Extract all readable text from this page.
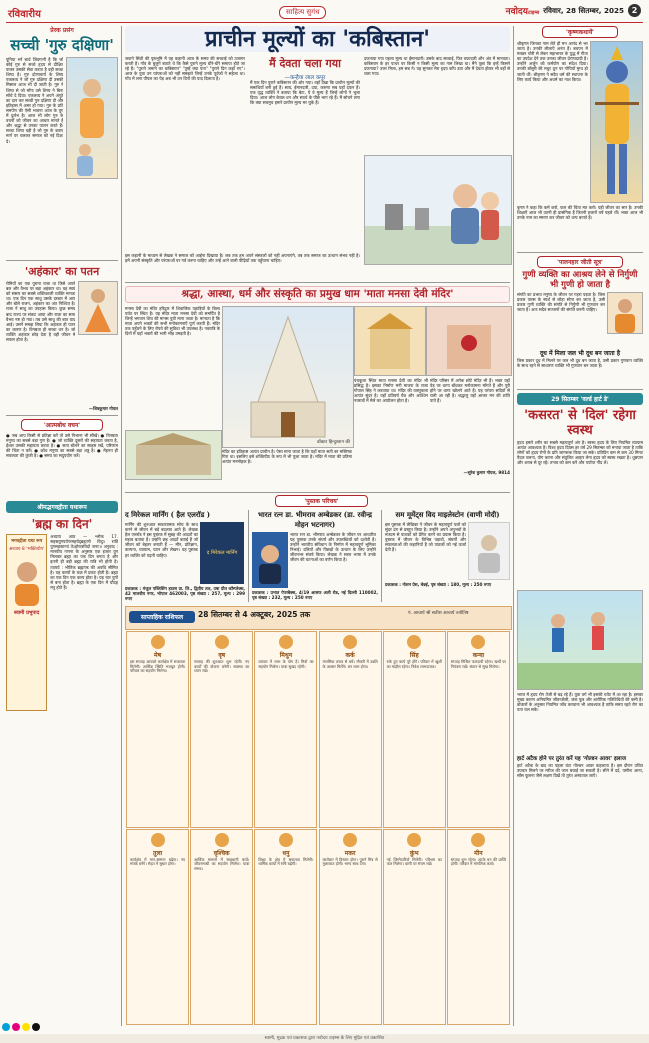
रविवारीय	साहित्य सुगंध	नवोदयटाइम्स रविवार, 28 सितम्बर, 2025 2
प्रेरक प्रसंग
सच्ची 'गुरु दक्षिणा'
यूनिया भर्र बार्ध जिंदगानी है कि जो कोई गुरु से सच्चे हृदय से दीक्षित पाकर उसकी सेवा करता है वही सच्चा शिष्य है। गुरु द्रोणाचार्य के शिष्य एकलव्य ने जो गुरु दक्षिणा दी उसकी मिसाल आज भी दी जाती है। गुरु ने शिष्य से जो माँगा उसे शिष्य ने बिना सोचे दे दिया। एकलव्य ने अपने अंगूठे का दान कर सच्ची गुरु दक्षिणा दी और इतिहास में अमर हो गया। गुरु के प्रति समर्पण की ऐसी भावना आज के युग में दुर्लभ है। आज भी लोग गुरु के वचनों को जीवन का आधार मानते हैं और श्रद्धा से उनका पालन करते हैं। सच्चा शिष्य वही है जो गुरु के बताए मार्ग पर चलकर समाज को नई दिशा दे।
'अहंकार' का पतन
रोमियों का एक पुराना राजा था जिसे अपने बल और वैभव पर बड़ा अहंकार था। वह स्वयं को संसार का सबसे शक्तिशाली व्यक्ति मानता था। एक दिन एक साधु उसके दरबार में आए और बोले राजन, अहंकार का अंत निश्चित है। राजा ने साधु का उपहास किया। कुछ समय बाद राज्य पर संकट आया और राजा का सारा वैभव नष्ट हो गया। तब उसे साधु की बात याद आई। उसने समझ लिया कि अहंकार ही पतन का कारण है। विनम्रता ही सच्चा धन है। जो व्यक्ति अहंकार छोड़ देता है वही जीवन में सफल होता है।
—शिवकुमार गोयल
'आत्मबोध वचन'
● जब आप किसी से प्रतिज्ञा करें तो उसे निभाना भी सीखें। ● विनम्रता मनुष्य का सबसे बड़ा गुण है। ● जो व्यक्ति दूसरों की सहायता करता है, ईश्वर उसकी सहायता करता है। ● सत्य बोलने का साहस रखें, परिणाम की चिंता न करें। ● क्रोध मनुष्य का सबसे बड़ा शत्रु है। ● मेहनत ही सफलता की कुंजी है। ● समय का सदुपयोग करें।
श्रीमद्भगवद्गीता यथारूप
'ब्रह्म का दिन'
भगवद्गीता यथा रूप
अध्याय 8 'भक्तियोग'
स्वामी प्रभुपाद
अध्याय आठ — श्लोक 17. सहस्रयुगपर्यन्तमहर्यद्ब्रह्मणो विदुः। रात्रिं युगसहस्रान्तां तेऽहोरात्रविदो जनाः॥ अनुवाद : मानवीय गणना के अनुसार एक हजार युग मिलकर ब्रह्मा का एक दिन बनता है और इतनी ही बड़ी ब्रह्मा की रात्रि भी होती है। तात्पर्य : भौतिक ब्रह्माण्ड की अवधि सीमित है। यह कल्पों के चक्र में प्रकट होती है। ब्रह्मा का एक दिन एक कल्प होता है। यह चार युगों से बना होता है। ब्रह्मा के एक दिन में चौदह मनु होते हैं।
प्राचीन मूल्यों का 'कबिस्तान'
जवाने सिंधी की पृष्ठभूमि में यह कहानी आज के समय की सच्चाई को उजागर करती है। गाँव के बुजुर्ग बताते थे कि कैसे पुराने मूल्य धीरे-धीरे समाप्त होते जा रहे हैं। "पुराने जमाने का कबिस्तान" "तुम्हें क्या पता" "पुराने दिन कहाँ गए"। आज के युवा उन परंपराओं को नहीं समझते जिन्हें उनके पूर्वजों ने सहेजा था। गाँव में लगा पीपल का पेड़ अब भी उन दिनों की याद दिलाता है।
मैं देवता चला गया
—कन्हैया लाल कपूर
मैं एक दिन पुराने कबिस्तान की ओर गया। वहाँ देखा कि प्राचीन मूल्यों की समाधियाँ बनी हुई हैं। सत्य, ईमानदारी, दया, करुणा सब यहाँ दफन हैं। एक वृद्ध व्यक्ति ने बताया कि बेटा, ये वे मूल्य हैं जिन्हें लोगों ने भुला दिया। आज लोग केवल धन और स्वार्थ के पीछे भाग रहे हैं। मैं सोचने लगा कि क्या सचमुच हमारे प्राचीन मूल्य मर चुके हैं।
दफनाया गया पहला मूल्य था ईमानदारी। उसके बाद सच्चाई, फिर वफादारी और अंत में मानवता। कबिस्तान के हर पत्थर पर किसी न किसी मूल्य का नाम लिखा था। मैंने पूछा कि इन्हें किसने दफनाया? उत्तर मिला, हम सब ने। यह सुनकर मेरा हृदय काँप उठा और मैं देवता होकर भी वहाँ से चला गया।
इस कहानी के माध्यम से लेखक ने समाज को आईना दिखाया है। जब तक हम अपने संस्कारों को नहीं अपनाएंगे, तब तक समाज का उत्थान संभव नहीं है। हमें अपनी संस्कृति और परंपराओं पर गर्व करना चाहिए और उन्हें आने वाली पीढ़ियों तक पहुँचाना चाहिए।
श्रद्धा, आस्था, धर्म और संस्कृति का प्रमुख धाम 'माता मनसा देवी मंदिर'
मनसा देवी का मंदिर हरिद्वार में शिवालिक पहाड़ियों के बिल्व पर्वत पर स्थित है। यह मंदिर माता मनसा देवी को समर्पित है जिन्हें भगवान शिव की मानस पुत्री माना जाता है। मान्यता है कि माता अपने भक्तों की सभी मनोकामनाएँ पूर्ण करती हैं। मंदिर तक पहुँचने के लिए रोपवे की सुविधा भी उपलब्ध है। नवरात्रि के दिनों में यहाँ भक्तों की भारी भीड़ उमड़ती है।
डॉक्टर हिन्दुस्तान की
पंचकूला स्थित माता मनसा देवी का मंदिर भी प्रसिद्ध है। इसका निर्माण मनी माजरा के राजा गोपाल सिंह ने करवाया था। मंदिर की वास्तुकला अत्यंत सुंदर है। यहाँ प्रतिवर्ष चैत्र और आश्विन नवरात्रों में मेले का आयोजन होता है।
मंदिर परिसर में अनेक छोटे मंदिर भी हैं। भक्त यहाँ पेड़ पर धागा बाँधकर मनोकामना माँगते हैं और पूरी होने पर धागा खोलने आते हैं। यह परंपरा सदियों से चली आ रही है। श्रद्धालु यहाँ आकर मन की शांति पाते हैं।
मंदिर का इतिहास अत्यंत प्राचीन है। ऐसा माना जाता है कि यहाँ माता सती का मस्तिष्क गिरा था। इसलिए इसे शक्तिपीठ के रूप में भी पूजा जाता है। मंदिर में माता की प्रतिमा अत्यंत मनमोहक है।
—सुरेश कुमार गोयल, 9814
'पुस्तक परिचय'
द मिरेकल मार्निंग ( हैल एलरॉड )
मार्निंग की शुरुआत सकारात्मक सोच के साथ करने से जीवन में बड़े बदलाव आते हैं। लेखक हैल एलरॉड ने इस पुस्तक में सुबह की आदतों का महत्व बताया है। उन्होंने छह आदतें बताई हैं जो जीवन को बेहतर बनाती हैं — मौन, प्रतिज्ञान, कल्पना, व्यायाम, पठन और लेखन। यह पुस्तक हर व्यक्ति को पढ़नी चाहिए।	द मिरेकल मार्निंग
प्रकाशक : मंजुल पब्लिशिंग हाउस प्रा. लि., द्वितीय तल, उषा प्रीत कॉम्प्लेक्स, 42 मालवीय नगर, भोपाल 462003, पृष्ठ संख्या : 257, मूल्य : 299 रुपए
भारत रत्न डा. भीमराव अम्बेडकर (डा. रवीन्द्र मोहन भटनागर)
भारत रत्न डा. भीमराव अम्बेडकर के जीवन पर आधारित यह पुस्तक उनके संघर्ष और उपलब्धियों को दर्शाती है। उन्होंने भारतीय संविधान के निर्माण में महत्वपूर्ण भूमिका निभाई। दलितों और पिछड़ों के उत्थान के लिए उन्होंने जीवनभर संघर्ष किया। लेखक ने सरल भाषा में उनके जीवन की घटनाओं का वर्णन किया है।
प्रकाशक : प्रभात पेपरबैक्स, 4/19 आसफ अली रोड, नई दिल्ली 110002, पृष्ठ संख्या : 232, मूल्य : 250 रुपए
सम मूमेंट्स विद माइलेस्टोन (वाणी मोदी)
इस पुस्तक में लेखिका ने जीवन के महत्वपूर्ण पलों को सुंदर ढंग से प्रस्तुत किया है। उन्होंने अपने अनुभवों के माध्यम से पाठकों को प्रेरित करने का प्रयास किया है। पुस्तक में जीवन के विभिन्न पड़ावों, संघर्षों और सफलताओं की कहानियाँ हैं जो पाठकों को नई ऊर्जा देती हैं।
प्रकाशक : नोशन प्रेस, चेन्नई, पृष्ठ संख्या : 180, मूल्य : 250 रुपए
साप्ताहिक राशिफल	28 सितम्बर से 4 अक्टूबर, 2025 तक	पं. आचार्य श्री सतीश आचार्य ज्योतिष
मेष
इस सप्ताह आपको कार्यक्षेत्र में सफलता मिलेगी। आर्थिक स्थिति मजबूत होगी। परिवार का सहयोग मिलेगा।
वृष
सप्ताह की शुरुआत शुभ रहेगी। नए कार्यों की योजना बनेगी। स्वास्थ्य का ध्यान रखें।
मिथुन
व्यापार में लाभ के योग हैं। मित्रों का सहयोग मिलेगा। यात्रा सुखद रहेगी।
कर्क
मानसिक तनाव से बचें। नौकरी में उन्नति के अवसर मिलेंगे। धन लाभ होगा।
सिंह
रुके हुए कार्य पूरे होंगे। परिवार में खुशी का माहौल रहेगा। निवेश लाभदायक।
कन्या
सप्ताह मिश्रित फलदायी रहेगा। खर्चों पर नियंत्रण रखें। संतान से सुख मिलेगा।
तुला
कार्यक्षेत्र में मान-सम्मान बढ़ेगा। नए संपर्क बनेंगे। सेहत में सुधार होगा।
वृश्चिक
आर्थिक मामलों में सावधानी बरतें। जीवनसाथी का सहयोग मिलेगा। यात्रा संभव।
धनु
शिक्षा के क्षेत्र में सफलता मिलेगी। धार्मिक कार्यों में रुचि बढ़ेगी।
मकर
कारोबार में विस्तार होगा। पुराने मित्र से मुलाकात होगी। भाग्य साथ देगा।
कुंभ
नई जिम्मेदारियाँ मिलेंगी। परिश्रम का फल मिलेगा। वाणी पर संयम रखें।
मीन
सप्ताह शुभ रहेगा। अटके धन की प्राप्ति होगी। परिवार में मांगलिक कार्य।
'कृष्णकथायें'
श्रीकृष्ण जिनका नाम लेते ही मन आनंद से भर जाता है। उनकी लीलाएँ अनंत हैं। बचपन में माखन चोरी से लेकर महाभारत के युद्ध में गीता का उपदेश देने तक उनका जीवन प्रेरणादायी है। उन्होंने अर्जुन को कर्मयोग का संदेश दिया। उनकी बाँसुरी की मधुर धुन पर गोपियाँ मुग्ध हो जाती थीं। श्रीकृष्ण ने सदैव धर्म की स्थापना के लिए कार्य किया और अधर्म का नाश किया।
कृष्ण ने कहा कि कर्म करो, फल की चिंता मत करो। यही जीवन का सार है। उनकी शिक्षाएँ आज भी उतनी ही प्रासंगिक हैं जितनी हजारों वर्ष पहले थीं। भक्त आज भी उनके नाम का स्मरण कर जीवन को धन्य बनाते हैं।
'पालनहार जीती सूत्र'
गुणी व्यक्ति का आश्रय लेने से निर्गुणी भी गुणी हो जाता है
संगति का प्रभाव मनुष्य के जीवन पर गहरा पड़ता है। जिस प्रकार पारस के स्पर्श से लोहा सोना बन जाता है, उसी प्रकार गुणी व्यक्ति की संगति से निर्गुणी भी गुणवान बन जाता है। अतः सदैव सज्जनों की संगति करनी चाहिए।
दूध में मिला जल भी दूध बन जाता है
जिस प्रकार दूध में मिलने पर जल भी दूध बन जाता है, उसी प्रकार गुणवान व्यक्ति के साथ रहने से साधारण व्यक्ति भी गुणवान बन जाता है।
29 सितम्बर 'वर्ल्ड हार्ट डे'
'कसरत' से 'दिल' रहेगा स्वस्थ
हृदय हमारे शरीर का सबसे महत्वपूर्ण अंग है। स्वस्थ हृदय के लिए नियमित व्यायाम अत्यंत आवश्यक है। विश्व हृदय दिवस हर वर्ष 29 सितम्बर को मनाया जाता है ताकि लोगों को हृदय रोगों के प्रति जागरूक किया जा सके। प्रतिदिन कम से कम 30 मिनट पैदल चलना, योग करना और संतुलित आहार लेना हृदय को स्वस्थ रखता है। धूम्रपान और शराब से दूर रहें। तनाव को कम करें और पर्याप्त नींद लें।
भारत में हृदय रोग तेजी से बढ़ रहे हैं। युवा वर्ग भी इसकी चपेट में आ रहा है। इसका मुख्य कारण अनियमित जीवनशैली, जंक फूड और शारीरिक गतिविधियों की कमी है। डॉक्टरों के अनुसार नियमित जाँच करवाना भी आवश्यक है ताकि समय रहते रोग का पता चल सके।
हार्ट अटैक होने पर तुरंत करें यह 'गोल्डन आवर' इलाज
हार्ट अटैक के बाद का पहला घंटा गोल्डन आवर कहलाता है। इस दौरान उचित उपचार मिलने पर मरीज की जान बचाई जा सकती है। सीने में दर्द, पसीना आना, साँस फूलना जैसे लक्षण दिखें तो तुरंत अस्पताल जाएँ।
स्वामी, मुद्रक एवं प्रकाशक द्वारा नवोदय टाइम्स के लिए मुद्रित एवं प्रकाशित
